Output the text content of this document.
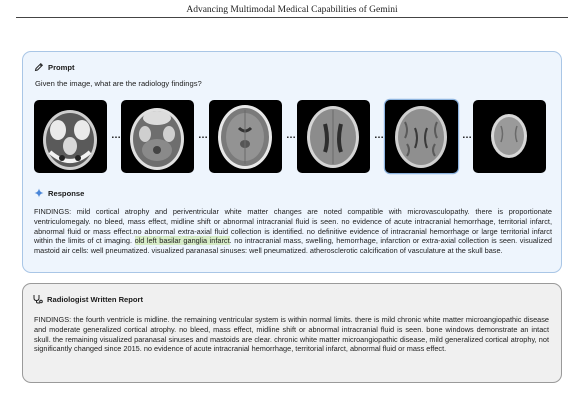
Advancing Multimodal Medical Capabilities of Gemini
Prompt
Given the image, what are the radiology findings?
…	…	…	…	…
Response
FINDINGS: mild cortical atrophy and periventricular white matter changes are noted compatible with microvasculopathy. there is proportionate ventriculomegaly. no bleed, mass effect, midline shift or abnormal intracranial fluid is seen. no evidence of acute intracranial hemorrhage, territorial infarct, abnormal fluid or mass effect.no abnormal extra-axial fluid collection is identified. no definitive evidence of intracranial hemorrhage or large territorial infarct within the limits of ct imaging. old left basilar ganglia infarct. no intracranial mass, swelling, hemorrhage, infarction or extra-axial collection is seen. visualized mastoid air cells: well pneumatized. visualized paranasal sinuses: well pneumatized. atherosclerotic calcification of vasculature at the skull base.
Radiologist Written Report
FINDINGS: the fourth ventricle is midline. the remaining ventricular system is within normal limits. there is mild chronic white matter microangiopathic disease and moderate generalized cortical atrophy. no bleed, mass effect, midline shift or abnormal intracranial fluid is seen. bone windows demonstrate an intact skull. the remaining visualized paranasal sinuses and mastoids are clear. chronic white matter microangiopathic disease, mild generalized cortical atrophy, not significantly changed since 2015. no evidence of acute intracranial hemorrhage, territorial infarct, abnormal fluid or mass effect.
